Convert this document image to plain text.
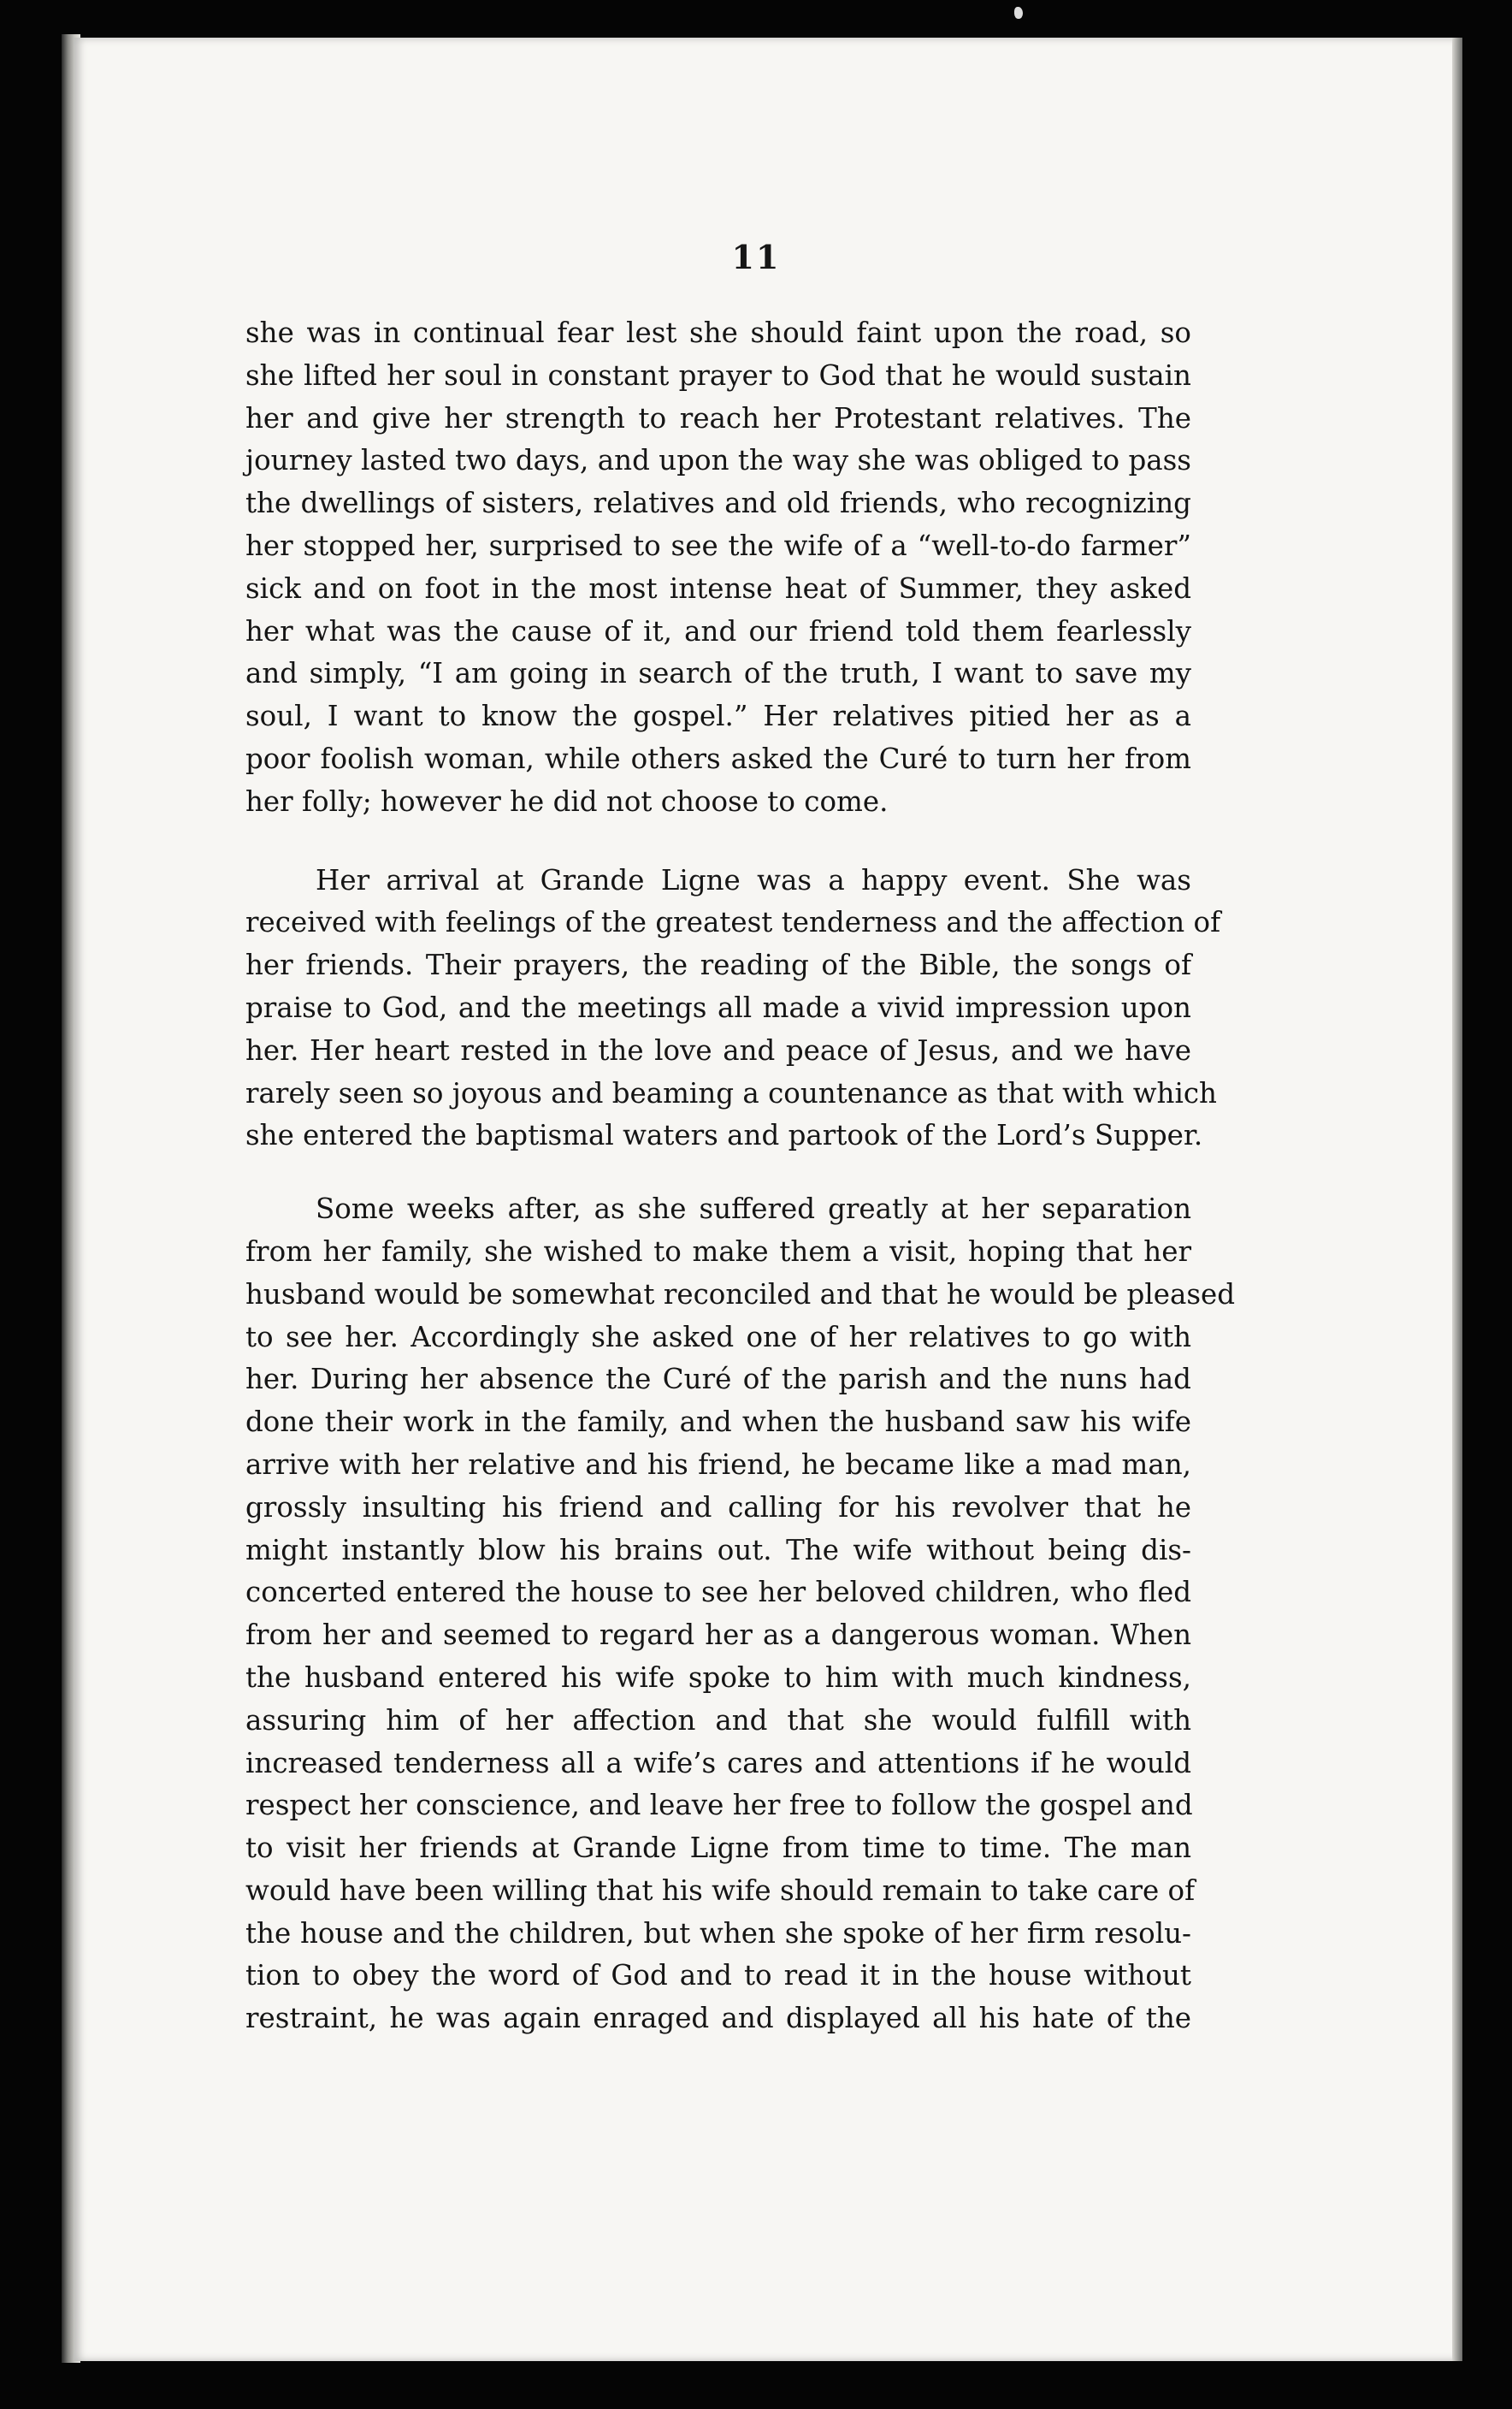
11
she was in continual fear lest she should faint upon the road, so
she lifted her soul in constant prayer to God that he would sustain
her and give her strength to reach her Protestant relatives. The
journey lasted two days, and upon the way she was obliged to pass
the dwellings of sisters, relatives and old friends, who recognizing
her stopped her, surprised to see the wife of a “well-to-do farmer”
sick and on foot in the most intense heat of Summer, they asked
her what was the cause of it, and our friend told them fearlessly
and simply, “I am going in search of the truth, I want to save my
soul, I want to know the gospel.” Her relatives pitied her as a
poor foolish woman, while others asked the Curé to turn her from
her folly; however he did not choose to come.
Her arrival at Grande Ligne was a happy event. She was
received with feelings of the greatest tenderness and the affection of
her friends. Their prayers, the reading of the Bible, the songs of
praise to God, and the meetings all made a vivid impression upon
her. Her heart rested in the love and peace of Jesus, and we have
rarely seen so joyous and beaming a countenance as that with which
she entered the baptismal waters and partook of the Lord’s Supper.
Some weeks after, as she suffered greatly at her separation
from her family, she wished to make them a visit, hoping that her
husband would be somewhat reconciled and that he would be pleased
to see her. Accordingly she asked one of her relatives to go with
her. During her absence the Curé of the parish and the nuns had
done their work in the family, and when the husband saw his wife
arrive with her relative and his friend, he became like a mad man,
grossly insulting his friend and calling for his revolver that he
might instantly blow his brains out. The wife without being dis-
concerted entered the house to see her beloved children, who fled
from her and seemed to regard her as a dangerous woman. When
the husband entered his wife spoke to him with much kindness,
assuring him of her affection and that she would fulfill with
increased tenderness all a wife’s cares and attentions if he would
respect her conscience, and leave her free to follow the gospel and
to visit her friends at Grande Ligne from time to time. The man
would have been willing that his wife should remain to take care of
the house and the children, but when she spoke of her firm resolu-
tion to obey the word of God and to read it in the house without
restraint, he was again enraged and displayed all his hate of the
